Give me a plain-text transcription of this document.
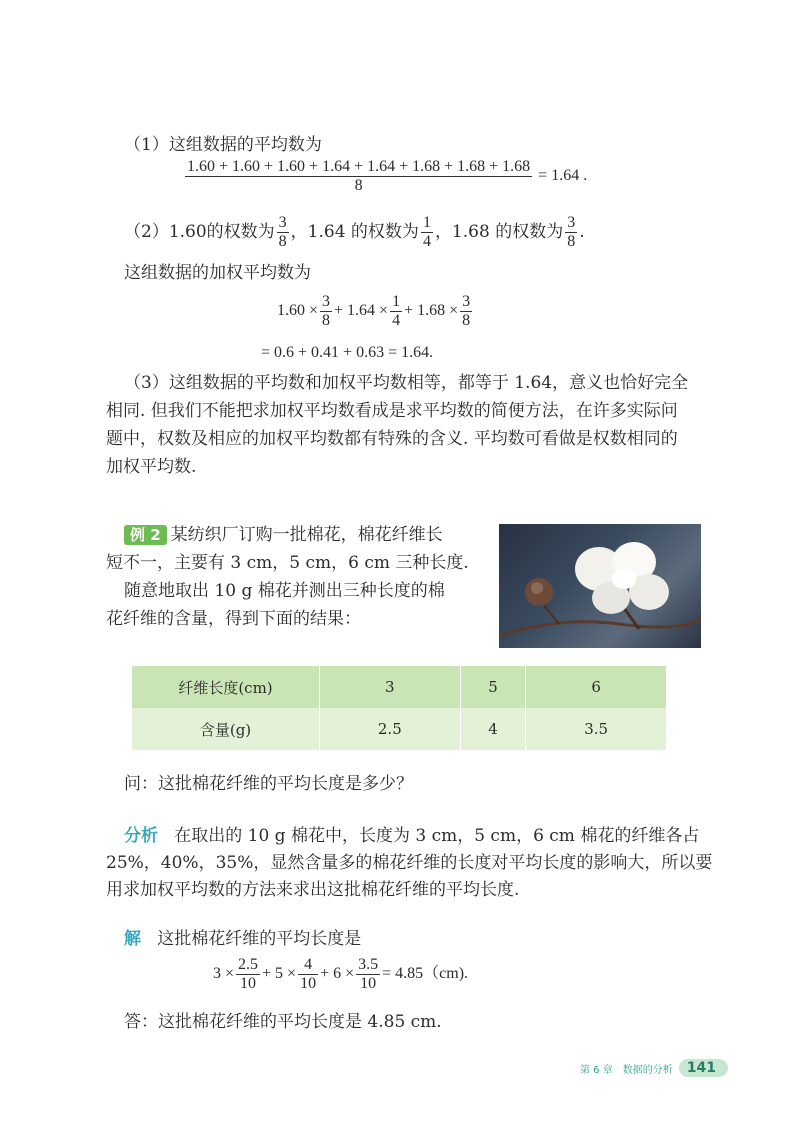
（1）这组数据的平均数为
$\frac{1.60 + 1.60 + 1.60 + 1.64 + 1.64 + 1.68 + 1.68 + 1.68}{8} = 1.64$ .
（2）1.60的权数为 $\frac{3}{8}$ ，1.64 的权数为 $\frac{1}{4}$ ，1.68 的权数为 $\frac{3}{8}$ .
这组数据的加权平均数为
$1.60 \times \frac{3}{8} + 1.64 \times \frac{1}{4} + 1.68 \times \frac{3}{8}$
= 0.6 + 0.41 + 0.63 = 1.64.
（3）这组数据的平均数和加权平均数相等，都等于 1.64，意义也恰好完全
相同. 但我们不能把求加权平均数看成是求平均数的简便方法，在许多实际问
题中，权数及相应的加权平均数都有特殊的含义. 平均数可看做是权数相同的
加权平均数.
例 2 某纺织厂订购一批棉花，棉花纤维长
短不一，主要有 3 cm，5 cm，6 cm 三种长度.
随意地取出 10 g 棉花并测出三种长度的棉
花纤维的含量，得到下面的结果：
纤维长度(cm)	3	5	6
含量(g)	2.5	4	3.5
问：这批棉花纤维的平均长度是多少？
分析 在取出的 10 g 棉花中，长度为 3 cm，5 cm，6 cm 棉花的纤维各占
25%，40%，35%，显然含量多的棉花纤维的长度对平均长度的影响大，所以要
用求加权平均数的方法来求出这批棉花纤维的平均长度.
解 这批棉花纤维的平均长度是
$3 \times \frac{2.5}{10} + 5 \times \frac{4}{10} + 6 \times \frac{3.5}{10} = 4.85(cm)$.
答：这批棉花纤维的平均长度是 4.85 cm.
第 6 章　数据的分析	141
